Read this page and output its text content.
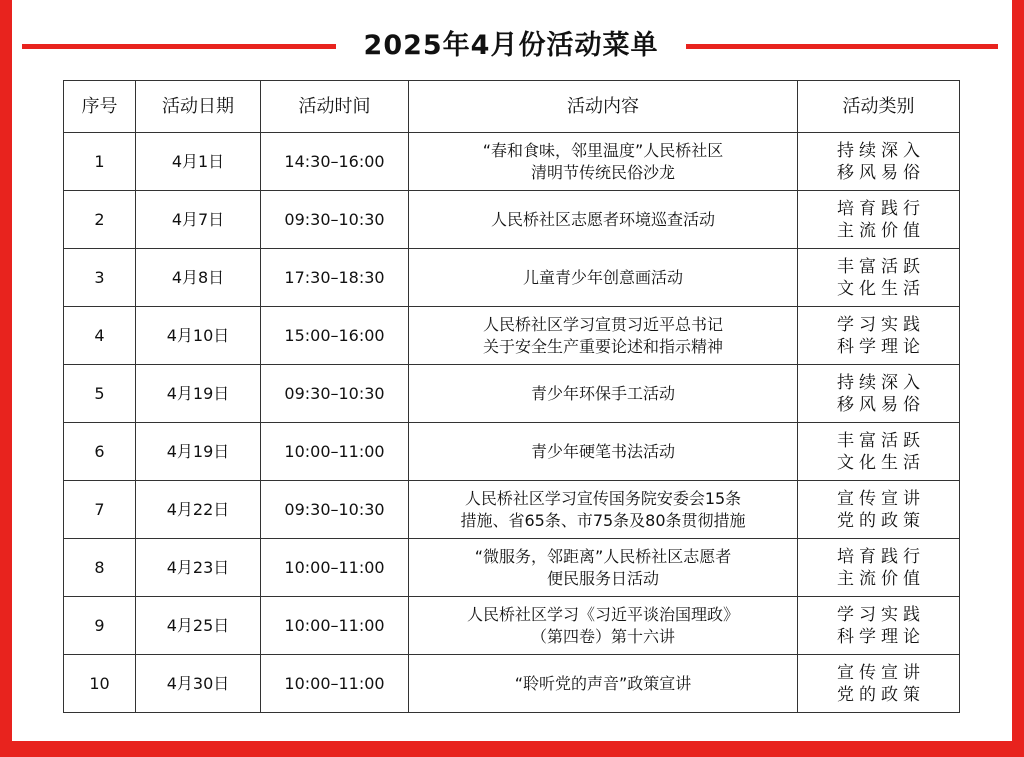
2025年4月份活动菜单
序号	活动日期	活动时间	活动内容	活动类别
1	4月1日	14:30–16:00	“春和食味，邻里温度”人民桥社区
清明节传统民俗沙龙	持续深入
移风易俗

2	4月7日	09:30–10:30	人民桥社区志愿者环境巡查活动	培育践行
主流价值

3	4月8日	17:30–18:30	儿童青少年创意画活动	丰富活跃
文化生活

4	4月10日	15:00–16:00	人民桥社区学习宣贯习近平总书记
关于安全生产重要论述和指示精神	学习实践
科学理论

5	4月19日	09:30–10:30	青少年环保手工活动	持续深入
移风易俗

6	4月19日	10:00–11:00	青少年硬笔书法活动	丰富活跃
文化生活

7	4月22日	09:30–10:30	人民桥社区学习宣传国务院安委会15条
措施、省65条、市75条及80条贯彻措施	宣传宣讲
党的政策

8	4月23日	10:00–11:00	“微服务，邻距离”人民桥社区志愿者
便民服务日活动	培育践行
主流价值

9	4月25日	10:00–11:00	人民桥社区学习《习近平谈治国理政》
（第四卷）第十六讲	学习实践
科学理论

10	4月30日	10:00–11:00	“聆听党的声音”政策宣讲	宣传宣讲
党的政策
